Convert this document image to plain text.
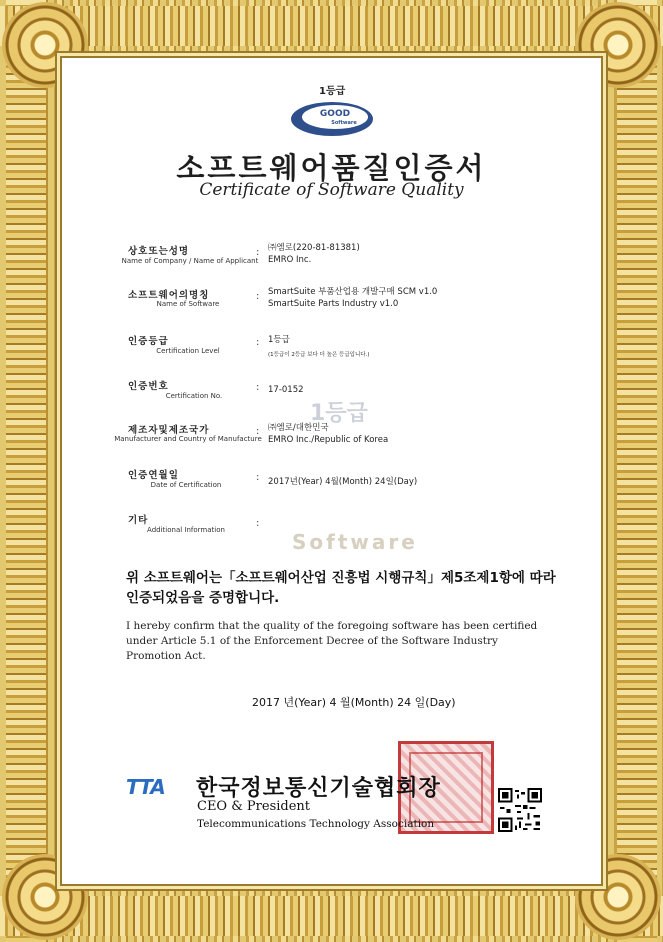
1등급
GOOD
Software
소프트웨어품질인증서
Certificate of Software Quality
상호또는성명
Name of Company / Name of Applicant
: ㈜엠로(220-81-81381)
EMRO Inc.
소프트웨어의명칭
Name of Software
: SmartSuite 부품산업용 개발구매 SCM v1.0
SmartSuite Parts Industry v1.0
인증등급
Certification Level
: 1등급
(1등급이 2등급 보다 더 높은 등급입니다.)
인증번호
Certification No.
: 17-0152
1등급
제조자및제조국가
Manufacturer and Country of Manufacture
: ㈜엠로/대한민국
EMRO Inc./Republic of Korea
인증연월일
Date of Certification
: 2017년(Year) 4월(Month) 24일(Day)
기타
Additional Information
:
Software
위 소프트웨어는「소프트웨어산업 진흥법 시행규칙」제5조제1항에 따라 인증되었음을 증명합니다.
I hereby confirm that the quality of the foregoing software has been certified under Article 5.1 of the Enforcement Decree of the Software Industry Promotion Act.
2017 년(Year) 4 월(Month) 24 일(Day)
TTA 한국정보통신기술협회장
CEO & President
Telecommunications Technology Association
